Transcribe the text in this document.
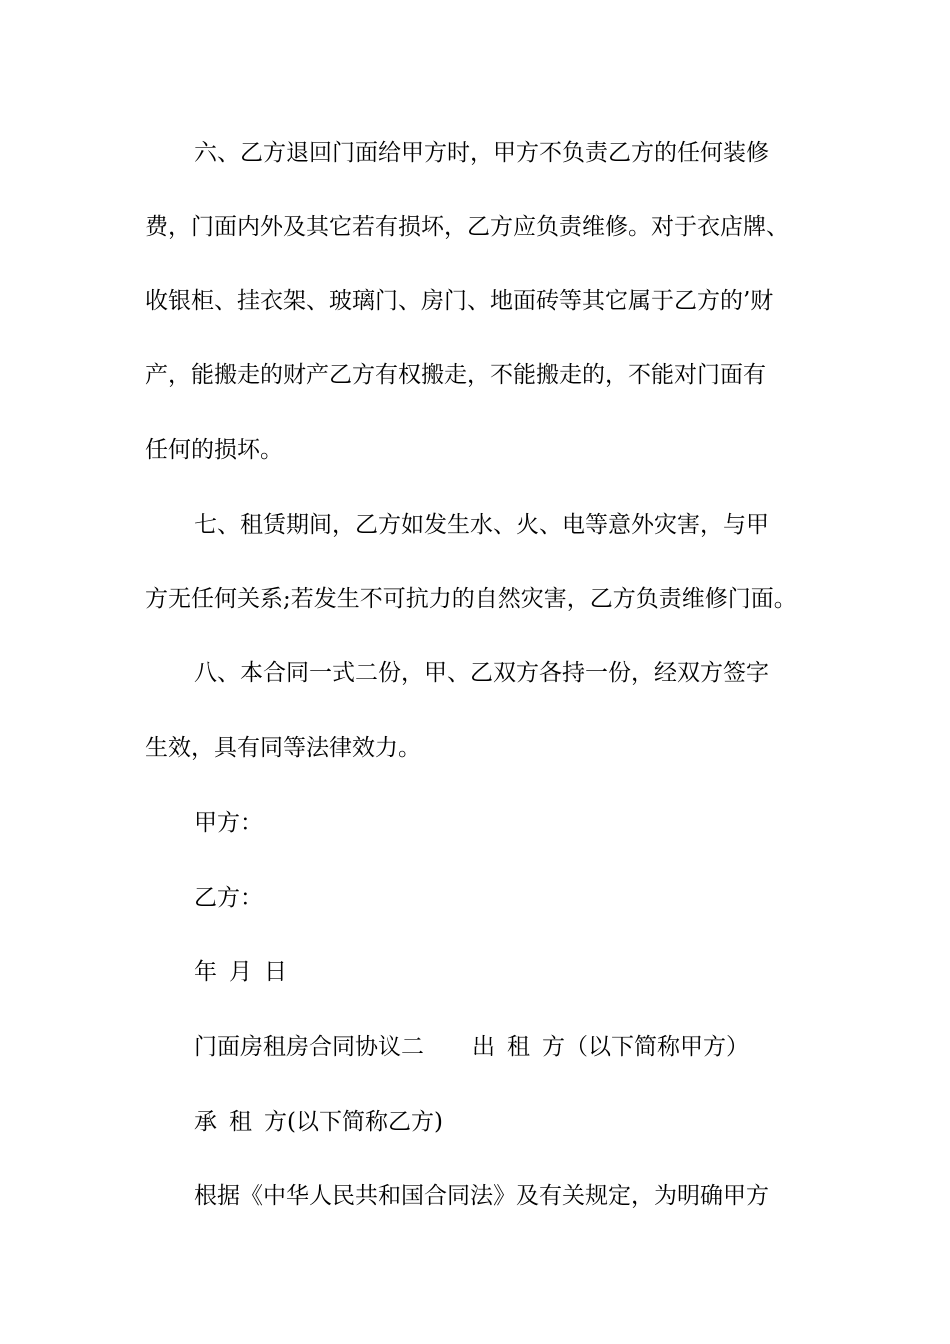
六、乙方退回门面给甲方时，甲方不负责乙方的任何装修
费，门面内外及其它若有损坏，乙方应负责维修。对于衣店牌、
收银柜、挂衣架、玻璃门、房门、地面砖等其它属于乙方的’财
产，能搬走的财产乙方有权搬走，不能搬走的，不能对门面有
任何的损坏。
七、租赁期间，乙方如发生水、火、电等意外灾害，与甲
方无任何关系;若发生不可抗力的自然灾害，乙方负责维修门面。
八、本合同一式二份，甲、乙双方各持一份，经双方签字
生效，具有同等法律效力。
甲方：
乙方：
年 月 日
门面房租房合同协议二 出 租 方（以下简称甲方）
承 租 方(以下简称乙方)
根据《中华人民共和国合同法》及有关规定，为明确甲方
